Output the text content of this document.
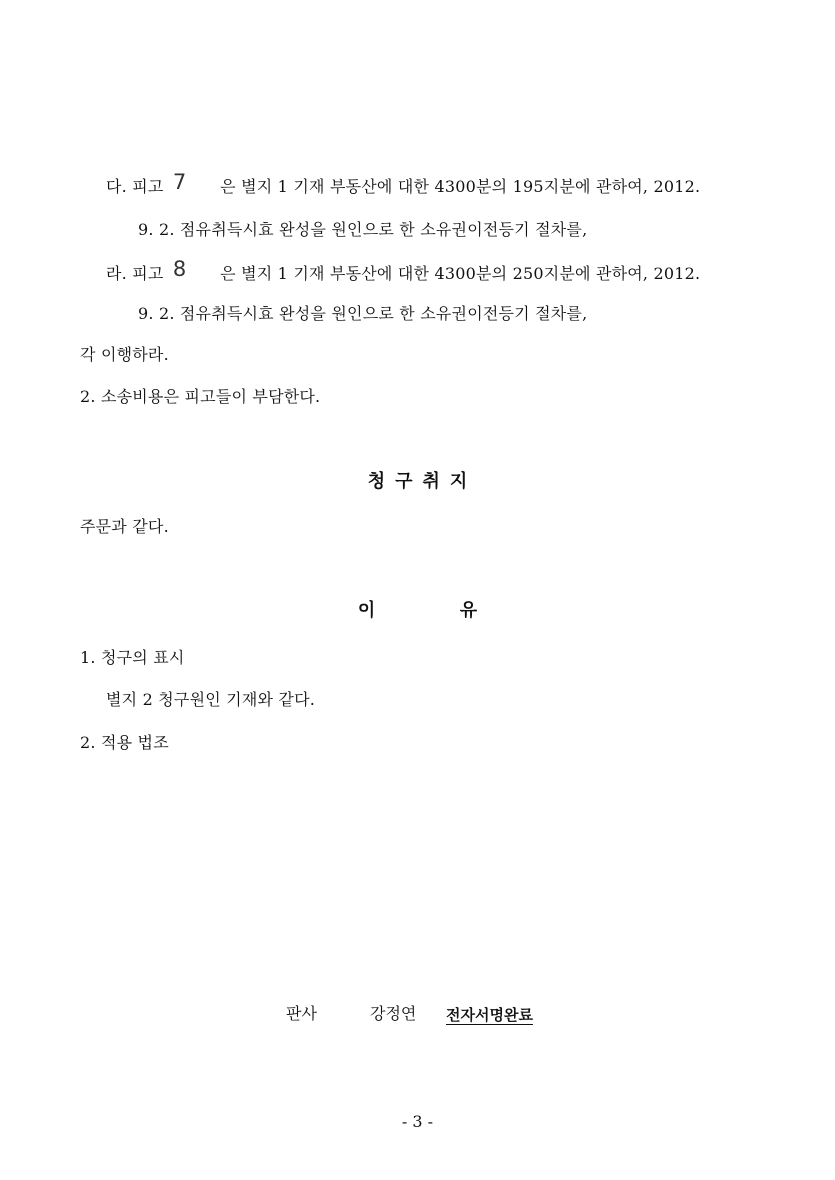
다. 피고 7 은 별지 1 기재 부동산에 대한 4300분의 195지분에 관하여, 2012.
9. 2. 점유취득시효 완성을 원인으로 한 소유권이전등기 절차를,
라. 피고 8 은 별지 1 기재 부동산에 대한 4300분의 250지분에 관하여, 2012.
9. 2. 점유취득시효 완성을 원인으로 한 소유권이전등기 절차를,
각 이행하라.
2. 소송비용은 피고들이 부담한다.
청구취지
주문과 같다.
이	유
1. 청구의 표시
별지 2 청구원인 기재와 같다.
2. 적용 법조
판사	강정연 전자서명완료
- 3 -
